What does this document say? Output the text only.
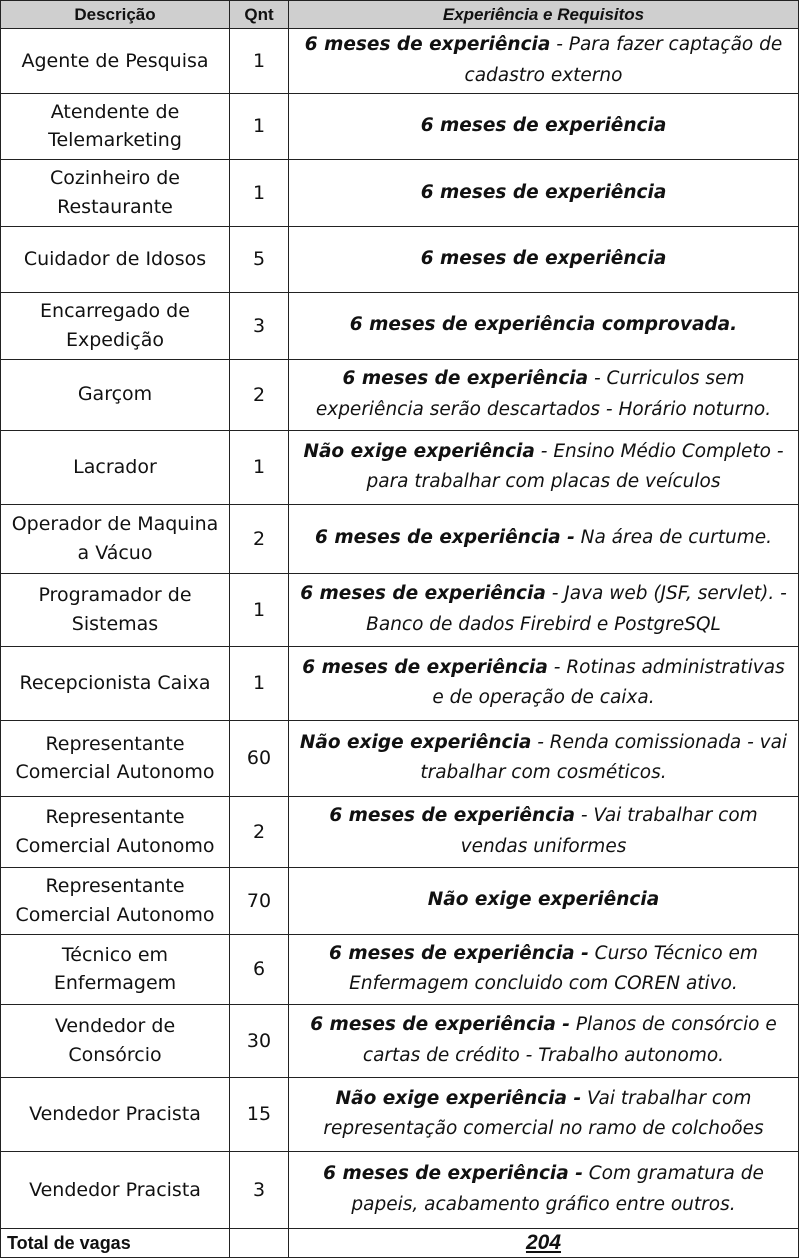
Descrição	Qnt	Experiência e Requisitos
Agente de Pesquisa	1	6 meses de experiência - Para fazer captação de cadastro externo
Atendente de Telemarketing	1	6 meses de experiência
Cozinheiro de Restaurante	1	6 meses de experiência
Cuidador de Idosos	5	6 meses de experiência
Encarregado de Expedição	3	6 meses de experiência comprovada.
Garçom	2	6 meses de experiência - Curriculos sem experiência serão descartados - Horário noturno.
Lacrador	1	Não exige experiência - Ensino Médio Completo - para trabalhar com placas de veículos
Operador de Maquina a Vácuo	2	6 meses de experiência - Na área de curtume.
Programador de Sistemas	1	6 meses de experiência - Java web (JSF, servlet). - Banco de dados Firebird e PostgreSQL
Recepcionista Caixa	1	6 meses de experiência - Rotinas administrativas e de operação de caixa.
Representante Comercial Autonomo	60	Não exige experiência - Renda comissionada - vai trabalhar com cosméticos.
Representante Comercial Autonomo	2	6 meses de experiência - Vai trabalhar com vendas uniformes
Representante Comercial Autonomo	70	Não exige experiência
Técnico em Enfermagem	6	6 meses de experiência - Curso Técnico em Enfermagem concluido com COREN ativo.
Vendedor de Consórcio	30	6 meses de experiência - Planos de consórcio e cartas de crédito - Trabalho autonomo.
Vendedor Pracista	15	Não exige experiência - Vai trabalhar com representação comercial no ramo de colchoões
Vendedor Pracista	3	6 meses de experiência - Com gramatura de papeis, acabamento gráfico entre outros.
Total de vagas		204
